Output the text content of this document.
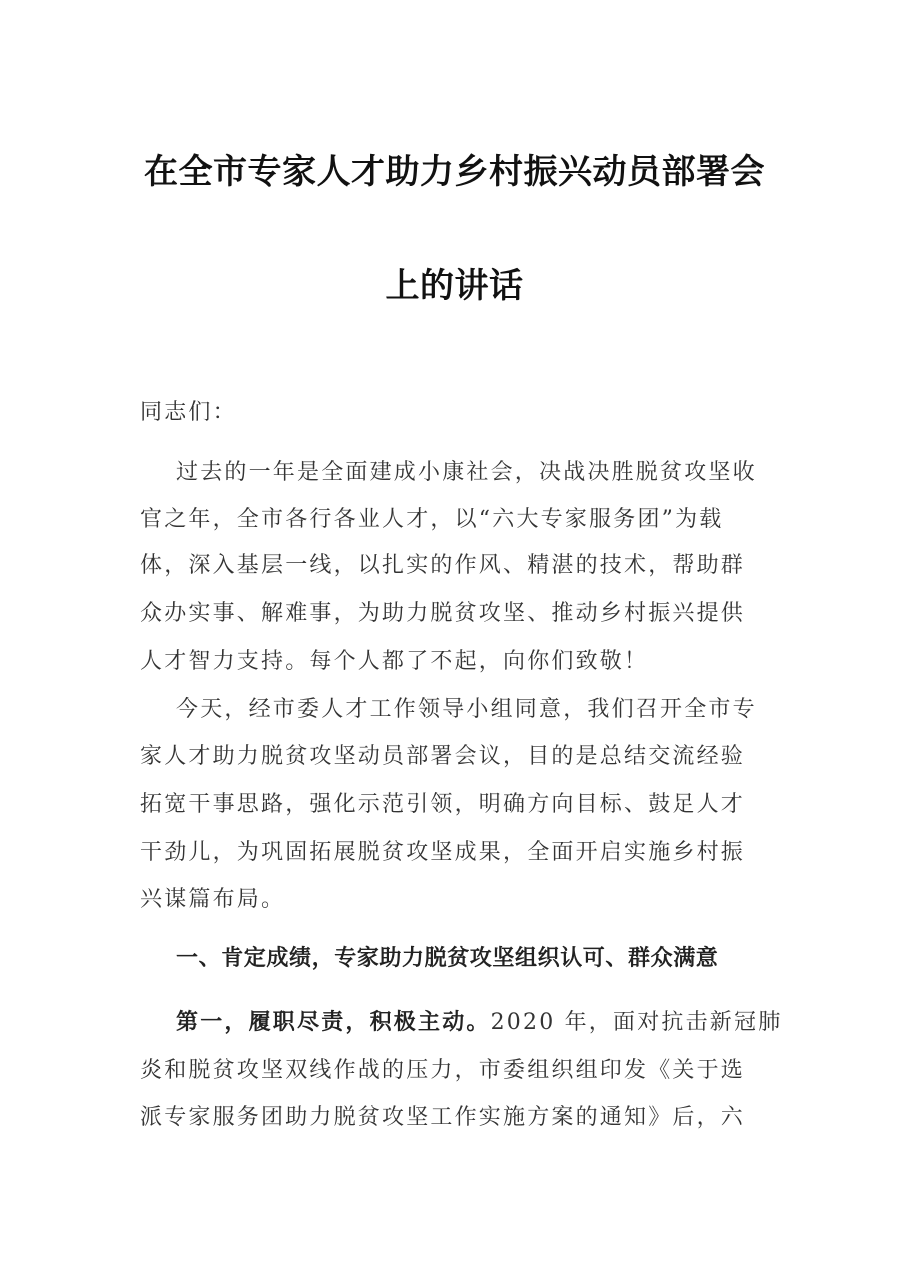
在全市专家人才助力乡村振兴动员部署会
上的讲话
同志们：
过去的一年是全面建成小康社会，决战决胜脱贫攻坚收
官之年，全市各行各业人才，以“六大专家服务团”为载
体，深入基层一线，以扎实的作风、精湛的技术，帮助群
众办实事、解难事，为助力脱贫攻坚、推动乡村振兴提供
人才智力支持。每个人都了不起，向你们致敬！
今天，经市委人才工作领导小组同意，我们召开全市专
家人才助力脱贫攻坚动员部署会议，目的是总结交流经验
拓宽干事思路，强化示范引领，明确方向目标、鼓足人才
干劲儿，为巩固拓展脱贫攻坚成果，全面开启实施乡村振
兴谋篇布局。
一、肯定成绩，专家助力脱贫攻坚组织认可、群众满意
第一，履职尽责，积极主动。2020 年，面对抗击新冠肺
炎和脱贫攻坚双线作战的压力，市委组织组印发《关于选
派专家服务团助力脱贫攻坚工作实施方案的通知》后，六
